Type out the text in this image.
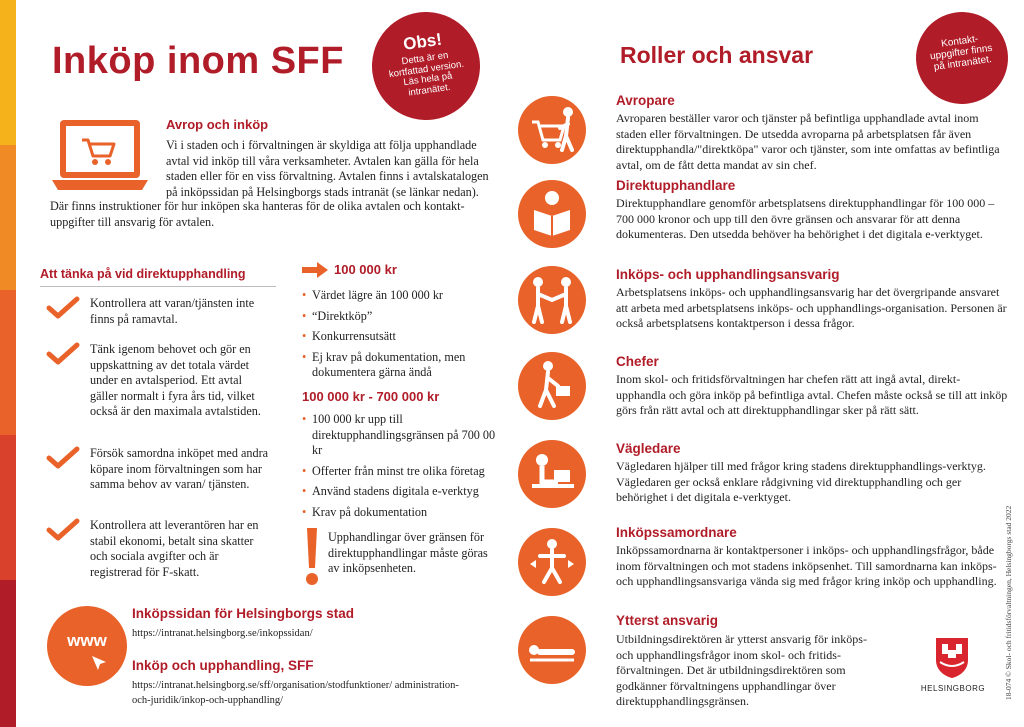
Inköp inom SFF	Obs!
Detta är en kortfattad version. Läs hela på intranätet.
Kontakt-uppgifter finns på intranätet.
Roller och ansvar
Avrop och inköp

Vi i staden och i förvaltningen är skyldiga att följa upphandlade avtal vid inköp till våra verksamheter. Avtalen kan gälla för hela staden eller för en viss förvaltning. Avtalen finns i avtalskatalogen på inköpssidan på Helsingborgs stads intranät (se länkar nedan).

Där finns instruktioner för hur inköpen ska hanteras för de olika avtalen och kontakt-uppgifter till ansvarig för avtalen.

Att tänka på vid direktupphandling

Kontrollera att varan/tjänsten inte finns på ramavtal.

Tänk igenom behovet och gör en uppskattning av det totala värdet under en avtalsperiod. Ett avtal gäller normalt i fyra års tid, vilket också är den maximala avtalstiden.

Försök samordna inköpet med andra köpare inom förvaltningen som har samma behov av varan/ tjänsten.

Kontrollera att leverantören har en stabil ekonomi, betalt sina skatter och sociala avgifter och är registrerad för F-skatt.

100 000 kr
• Värdet lägre än 100 000 kr
• “Direktköp”
• Konkurrensutsätt
• Ej krav på dokumentation, men dokumentera gärna ändå
100 000 kr - 700 000 kr
• 100 000 kr upp till direktupphandlingsgränsen på 700 00 kr
• Offerter från minst tre olika företag
• Använd stadens digitala e-verktyg
• Krav på dokumentation

Upphandlingar över gränsen för direktupphandlingar måste göras av inköpsenheten.

www
Inköpssidan för Helsingborgs stad

https://intranat.helsingborg.se/inkopssidan/

Inköp och upphandling, SFF

https://intranat.helsingborg.se/sff/organisation/stodfunktioner/ administration-och-juridik/inkop-och-upphandling/

Avropare

Avroparen beställer varor och tjänster på befintliga upphandlade avtal inom staden eller förvaltningen. De utsedda avroparna på arbetsplatsen får även direktupphandla/"direktköpa" varor och tjänster, som inte omfattas av befintliga avtal, om de fått detta mandat av sin chef.

Direktupphandlare

Direktupphandlare genomför arbetsplatsens direktupphandlingar för 100 000 – 700 000 kronor och upp till den övre gränsen och ansvarar för att denna dokumenteras. Den utsedda behöver ha behörighet i det digitala e-verktyget.

Inköps- och upphandlingsansvarig

Arbetsplatsens inköps- och upphandlingsansvarig har det övergripande ansvaret att arbeta med arbetsplatsens inköps- och upphandlings-organisation. Personen är också arbetsplatsens kontaktperson i dessa frågor.

Chefer

Inom skol- och fritidsförvaltningen har chefen rätt att ingå avtal, direkt-upphandla och göra inköp på befintliga avtal. Chefen måste också se till att inköp görs från rätt avtal och att direktupphandlingar sker på rätt sätt.

Vägledare

Vägledaren hjälper till med frågor kring stadens direktupphandlings-verktyg. Vägledaren ger också enklare rådgivning vid direktupphandling och ger behörighet i det digitala e-verktyget.

Inköpssamordnare

Inköpssamordnarna är kontaktpersoner i inköps- och upphandlingsfrågor, både inom förvaltningen och mot stadens inköpsenhet. Till samordnarna kan inköps- och upphandlingsansvariga vända sig med frågor kring inköp och upphandling.

Ytterst ansvarig

Utbildningsdirektören är ytterst ansvarig för inköps- och upphandlingsfrågor inom skol- och fritids-förvaltningen. Det är utbildningsdirektören som godkänner förvaltningens upphandlingar över direktupphandlingsgränsen.

HELSINGBORG	18-074 © Skol- och fritidsförvaltningen, Helsingborgs stad 2022
